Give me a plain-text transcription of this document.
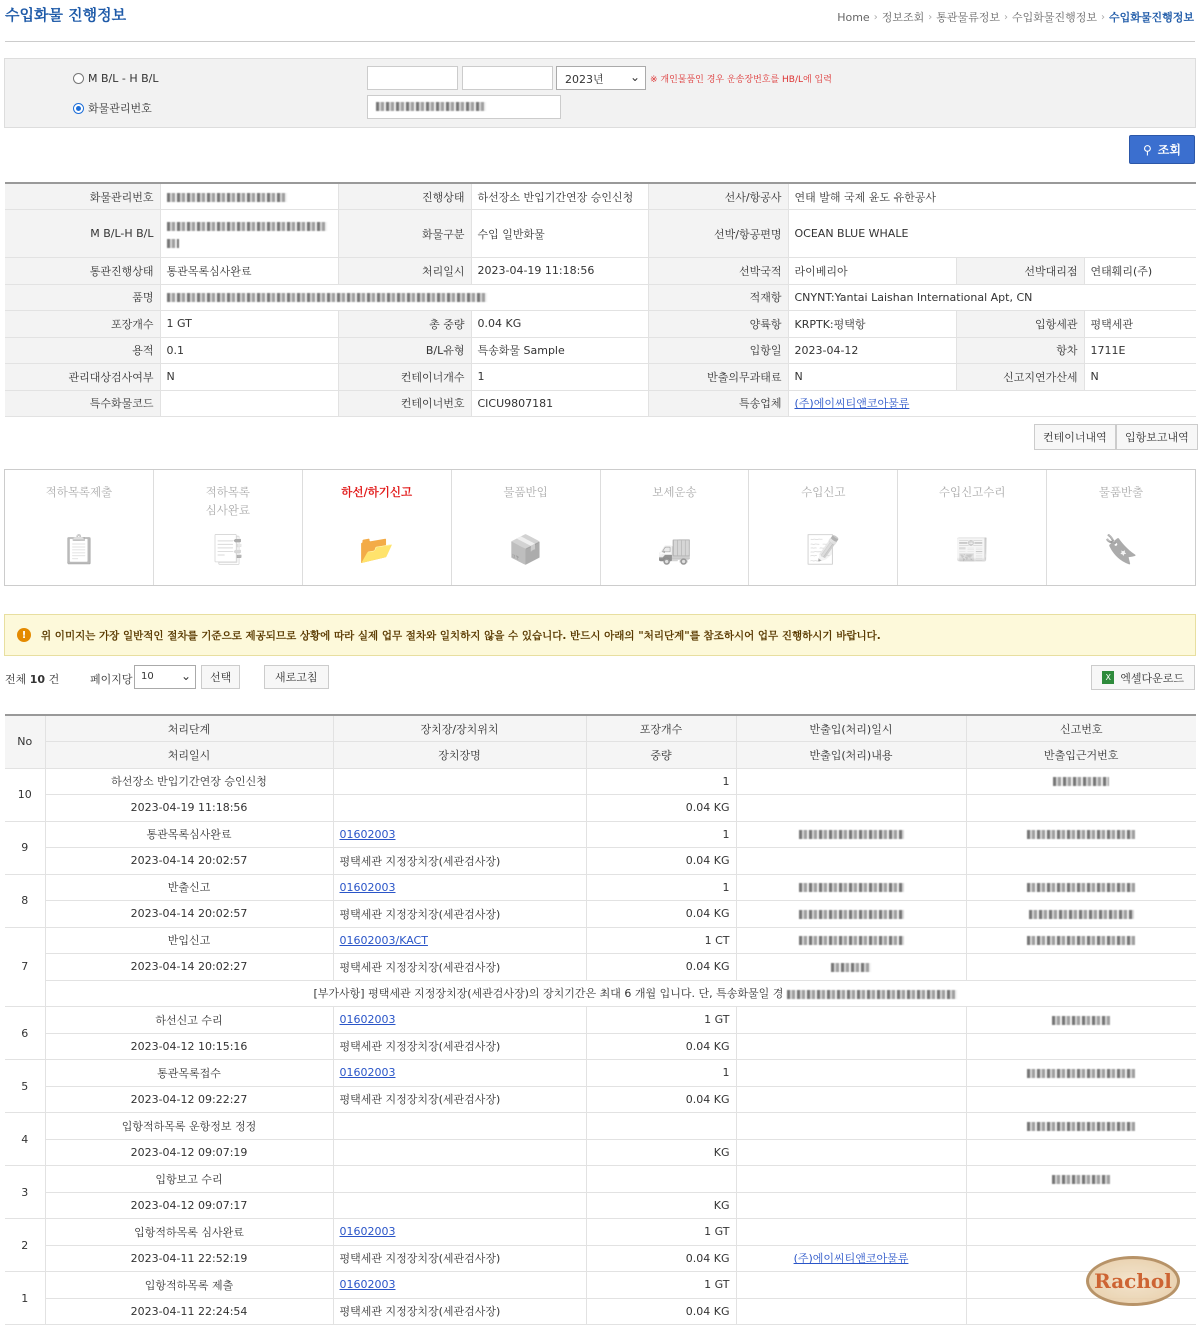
수입화물 진행정보	Home › 정보조회 › 통관물류정보 › 수입화물진행정보 › 수입화물진행정보
M B/L - H B/L
화물관리번호
2023년 ⌄ ※ 개인물품인 경우 운송장번호를 HB/L에 입력
⚲ 조회
화물관리번호		진행상태	하선장소 반입기간연장 승인신청	선사/항공사	연태 발해 국제 윤도 유한공사		
M B/L-H B/L		화물구분	수입 일반화물	선박/항공편명	OCEAN BLUE WHALE		
통관진행상태	통관목록심사완료	처리일시	2023-04-19 11:18:56	선박국적	라이베리아	선박대리점	연태훼리(주)
품명				적재항	CNYNT:Yantai Laishan International Apt, CN		
포장개수	1 GT	총 중량	0.04 KG	양륙항	KRPTK:평택항	입항세관	평택세관
용적	0.1	B/L유형	특송화물 Sample	입항일	2023-04-12	항차	1711E
관리대상검사여부	N	컨테이너개수	1	반출의무과태료	N	신고지연가산세	N
특수화물코드		컨테이너번호	CICU9807181	특송업체	(주)에이씨티앤코아물류		
컨테이너내역	입항보고내역
적하목록제출
📋
적하목록
심사완료
📑
하선/하기신고
📂
물품반입
📦
보세운송
🚚
수입신고
📝
수입신고수리
📰
물품반출
🔖
!	위 이미지는 가장 일반적인 절차를 기준으로 제공되므로 상황에 따라 실제 업무 절차와 일치하지 않을 수 있습니다. 반드시 아래의 "처리단계"를 참조하시어 업무 진행하시기 바랍니다.
전체 10 건	페이지당 10 ⌄	선택	새로고침	X 엑셀다운로드
No	처리단계	장치장/장치위치	포장개수	반출입(처리)일시	신고번호
	처리일시	장치장명	중량	반출입(처리)내용	반출입근거번호
10	하선장소 반입기간연장 승인신청		1		
	2023-04-19 11:18:56		0.04 KG		
9	통관목록심사완료	01602003	1		
	2023-04-14 20:02:57	평택세관 지정장치장(세관검사장)	0.04 KG		
8	반출신고	01602003	1		
	2023-04-14 20:02:57	평택세관 지정장치장(세관검사장)	0.04 KG		
7	반입신고	01602003/KACT	1 CT		
	2023-04-14 20:02:27	평택세관 지정장치장(세관검사장)	0.04 KG		
	[부가사항] 평택세관 지정장치장(세관검사장)의 장치기간은 최대 6 개월 입니다. 단, 특송화물일 경				
6	하선신고 수리	01602003	1 GT		
	2023-04-12 10:15:16	평택세관 지정장치장(세관검사장)	0.04 KG		
5	통관목록접수	01602003	1		
	2023-04-12 09:22:27	평택세관 지정장치장(세관검사장)	0.04 KG		
4	입항적하목록 운항정보 정정				
	2023-04-12 09:07:19		KG		
3	입항보고 수리				
	2023-04-12 09:07:17		KG		
2	입항적하목록 심사완료	01602003	1 GT		
	2023-04-11 22:52:19	평택세관 지정장치장(세관검사장)	0.04 KG	(주)에이씨티앤코아물류	
1	입항적하목록 제출	01602003	1 GT		
	2023-04-11 22:24:54	평택세관 지정장치장(세관검사장)	0.04 KG		
Rachol
